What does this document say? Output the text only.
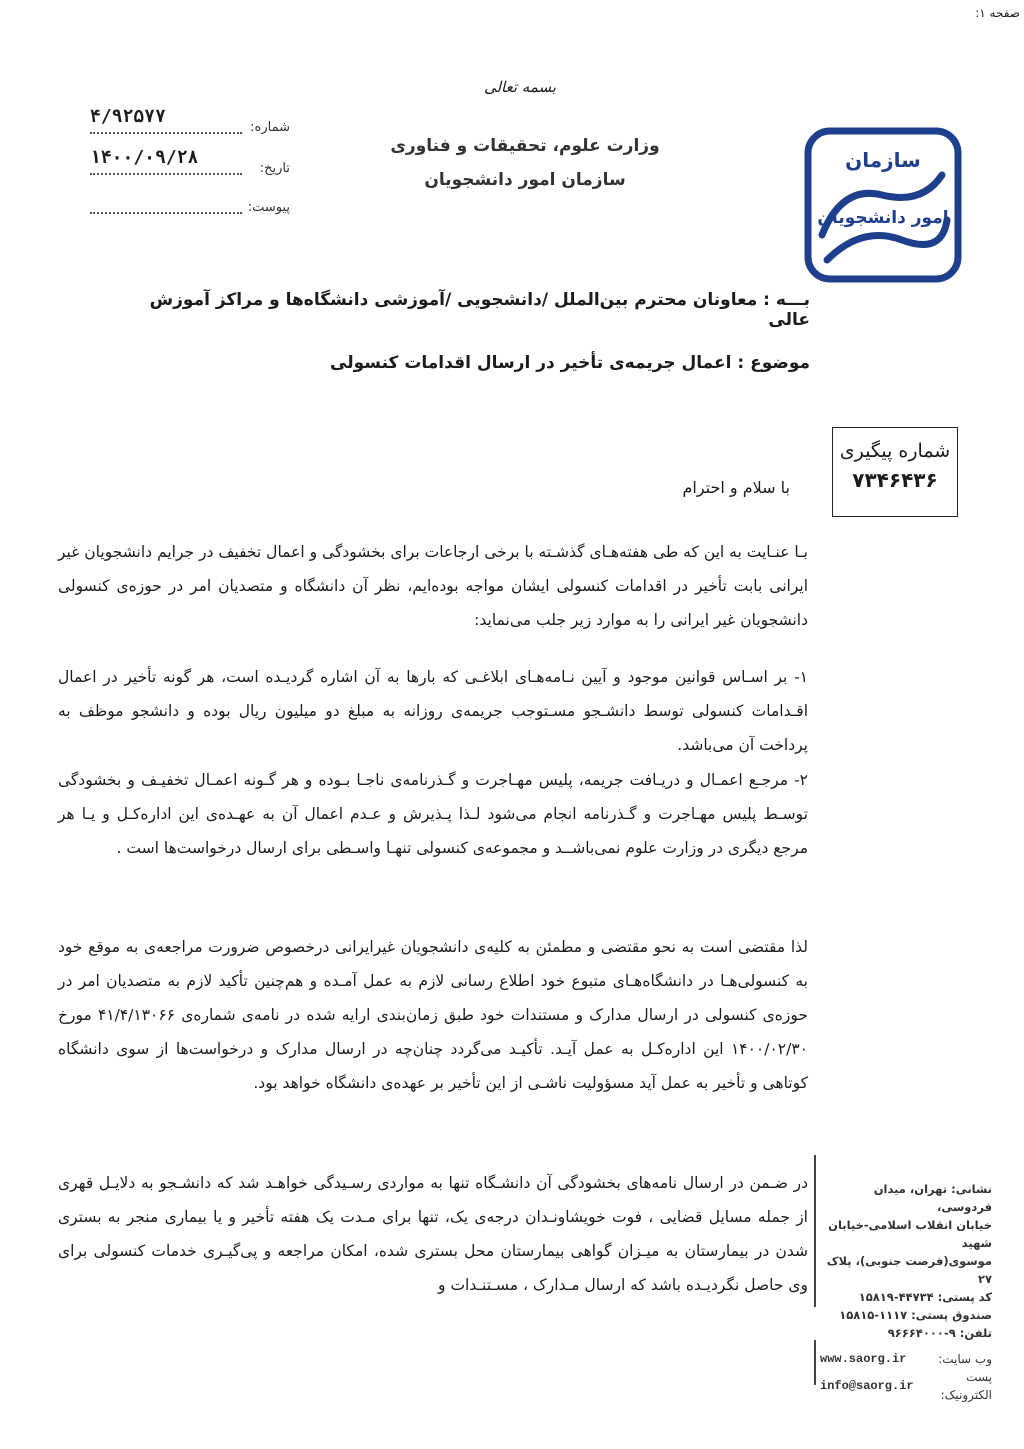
صفحه ۱:
بسمه تعالی
وزارت علوم، تحقیقات و فناوری
سازمان امور دانشجویان
شماره:
۴/۹۲۵۷۷
تاریخ:
۱۴۰۰/۰۹/۲۸
پیوست:
سازمان
امور دانشجویان
بـــه : معاونان محترم بین‌الملل /دانشجویی /آموزشی دانشگاه‌ها و مراکز آموزش عالی
موضوع : اعمال جریمه‌ی تأخیر در ارسال اقدامات کنسولی
شماره پیگیری
۷۳۴۶۴۳۶
با سلام و احترام
بـا عنـایت به این که طی هفته‌هـای گذشـته با برخی ارجاعات برای بخشودگی و اعمال تخفیف در جرایم دانشجویان غیر ایرانی بابت تأخیر در اقدامات کنسولی ایشان مواجه بوده‌ایم، نظر آن دانشگاه و متصدیان امر در حوزه‌ی کنسولی دانشجویان غیر ایرانی را به موارد زیر جلب می‌نماید:
۱- بر اسـاس قوانین موجود و آیین نـامه‌هـای ابلاغـی که بارها به آن اشاره گردیـده است، هر گونه تأخیر در اعمال اقـدامات کنسولی توسط دانشـجو مسـتوجب جریمه‌ی روزانه به مبلغ دو میلیون ریال بوده و دانشجو موظف به پرداخت آن می‌باشد.
۲- مرجـع اعمـال و دریـافت جریمه، پلیس مهـاجرت و گـذرنامه‌ی ناجـا بـوده و هر گـونه اعمـال تخفیـف و بخشودگی توسـط پلیس مهـاجرت و گـذرنامه انجام می‌شود لـذا پـذیرش و عـدم اعمال آن به عهـده‌ی این اداره‌کـل و یـا هر مرجع دیگری در وزارت علوم نمی‌باشــد و مجموعه‌ی کنسولی تنهـا واسـطی برای ارسال درخواست‌ها است .
لذا مقتضی است به نحو مقتضی و مطمئن به کلیه‌ی دانشجویان غیرایرانی درخصوص ضرورت مراجعه‌ی به موقع خود به کنسولی‌هـا در دانشگاه‌هـای متبوع خود اطلاع رسانی لازم به عمل آمـده و هم‌چنین تأکید لازم به متصدیان امر در حوزه‌ی کنسولی در ارسال مدارک و مستندات خود طبق زمان‌بندی ارایه شده در نامه‌ی شماره‌ی ۴۱/۴/۱۳۰۶۶ مورخ ۱۴۰۰/۰۲/۳۰ این اداره‌کـل به عمل آیـد. تأکیـد می‌گردد چنان‌چه در ارسال مدارک و درخواست‌ها از سوی دانشگاه کوتاهی و تأخیر به عمل آید مسؤولیت ناشـی از این تأخیر بر عهده‌ی دانشگاه خواهد بود.
در ضـمن در ارسال نامه‌های بخشودگی آن دانشـگاه تنها به مواردی رسـیدگی خواهـد شد که دانشـجو به دلایـل قهری از جمله مسایل قضایی ، فوت خویشاونـدان درجه‌ی یک، تنها برای مـدت یک هفته تأخیر و یا بیماری منجر به بستری شدن در بیمارستان به میـزان گواهی بیمارستان محل بستری شده، امکان مراجعه و پی‌گیـری خدمات کنسولی برای وی حاصل نگردیـده باشد که ارسال مـدارک ، مسـتنـدات و
نشانی: تهران، میدان فردوسی،
خیابان انقلاب اسلامی-خیابان شهید
موسوی(فرصت جنوبی)، پلاک ۲۷
کد پستی: ۴۴۷۳۴-۱۵۸۱۹
صندوق پستی: ۱۱۱۷-۱۵۸۱۵
تلفن: ۹-۹۶۶۶۴۰۰۰
وب سایت:
www.saorg.ir
پست الکترونیک:
info@saorg.ir
